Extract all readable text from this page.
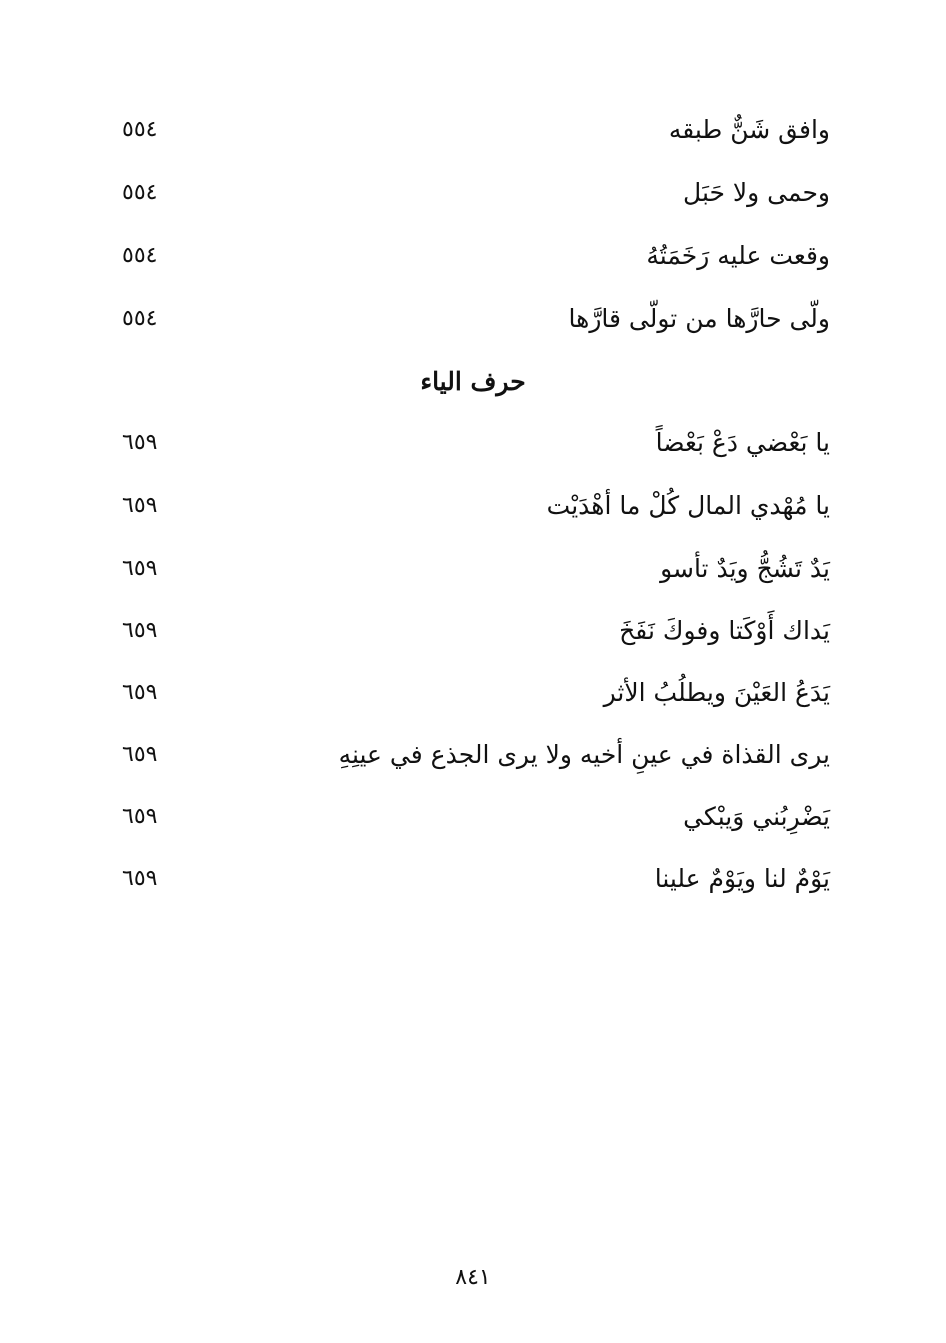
وافق شَنٌّ طبقه
٥٥٤
وحمى ولا حَبَل
٥٥٤
وقعت عليه رَخَمَتُهُ
٥٥٤
ولّى حارَّها من تولّى قارَّها
٥٥٤
حرف الياء
يا بَعْضي دَعْ بَعْضاً
٦٥٩
يا مُهْدي المال كُلْ ما أهْدَيْت
٦٥٩
يَدٌ تَشُجُّ ويَدٌ تأسو
٦٥٩
يَداك أَوْكَتا وفوكَ نَفَخَ
٦٥٩
يَدَعُ العَيْنَ ويطلُبُ الأثر
٦٥٩
يرى القذاة في عينِ أخيه ولا يرى الجذع في عينِهِ
٦٥٩
يَضْرِبُني وَيبْكي
٦٥٩
يَوْمٌ لنا ويَوْمٌ علينا
٦٥٩
٨٤١
